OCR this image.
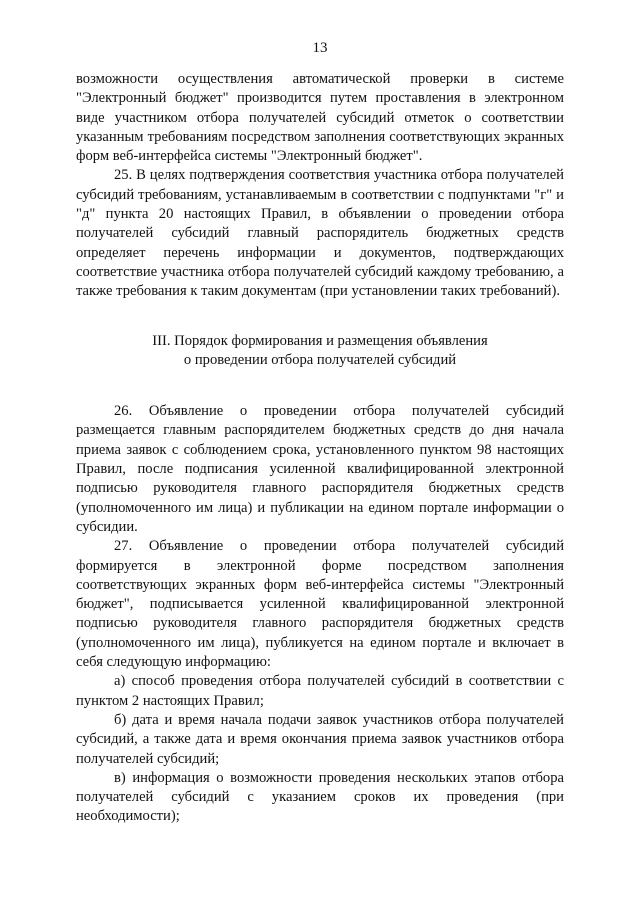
13

возможности осуществления автоматической проверки в системе "Электронный бюджет" производится путем проставления в электронном виде участником отбора получателей субсидий отметок о соответствии указанным требованиям посредством заполнения соответствующих экранных форм веб-интерфейса системы "Электронный бюджет".

25. В целях подтверждения соответствия участника отбора получателей субсидий требованиям, устанавливаемым в соответствии с подпунктами "г" и "д" пункта 20 настоящих Правил, в объявлении о проведении отбора получателей субсидий главный распорядитель бюджетных средств определяет перечень информации и документов, подтверждающих соответствие участника отбора получателей субсидий каждому требованию, а также требования к таким документам (при установлении таких требований).

III. Порядок формирования и размещения объявления
о проведении отбора получателей субсидий

26. Объявление о проведении отбора получателей субсидий размещается главным распорядителем бюджетных средств до дня начала приема заявок с соблюдением срока, установленного пунктом 98 настоящих Правил, после подписания усиленной квалифицированной электронной подписью руководителя главного распорядителя бюджетных средств (уполномоченного им лица) и публикации на едином портале информации о субсидии.

27. Объявление о проведении отбора получателей субсидий формируется в электронной форме посредством заполнения соответствующих экранных форм веб-интерфейса системы "Электронный бюджет", подписывается усиленной квалифицированной электронной подписью руководителя главного распорядителя бюджетных средств (уполномоченного им лица), публикуется на едином портале и включает в себя следующую информацию:

а) способ проведения отбора получателей субсидий в соответствии с пунктом 2 настоящих Правил;

б) дата и время начала подачи заявок участников отбора получателей субсидий, а также дата и время окончания приема заявок участников отбора получателей субсидий;

в) информация о возможности проведения нескольких этапов отбора получателей субсидий с указанием сроков их проведения (при необходимости);
